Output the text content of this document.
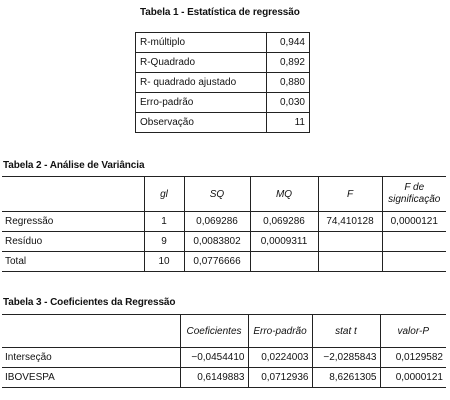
Tabela 1 - Estatística de regressão
R-múltiplo	0,944
R-Quadrado	0,892
R- quadrado ajustado	0,880
Erro-padrão	0,030
Observação	11
Tabela 2 - Análise de Variância
	gl	SQ	MQ	F	F de significação
Regressão	1	0,069286	0,069286	74,410128	0,0000121
Resíduo	9	0,0083802	0,0009311		
Total	10	0,0776666			
Tabela 3 - Coeficientes da Regressão
	Coeficientes	Erro-padrão	stat t	valor-P
Interseção	−0,0454410	0,0224003	−2,0285843	0,0129582
IBOVESPA	0,6149883	0,0712936	8,6261305	0,0000121
